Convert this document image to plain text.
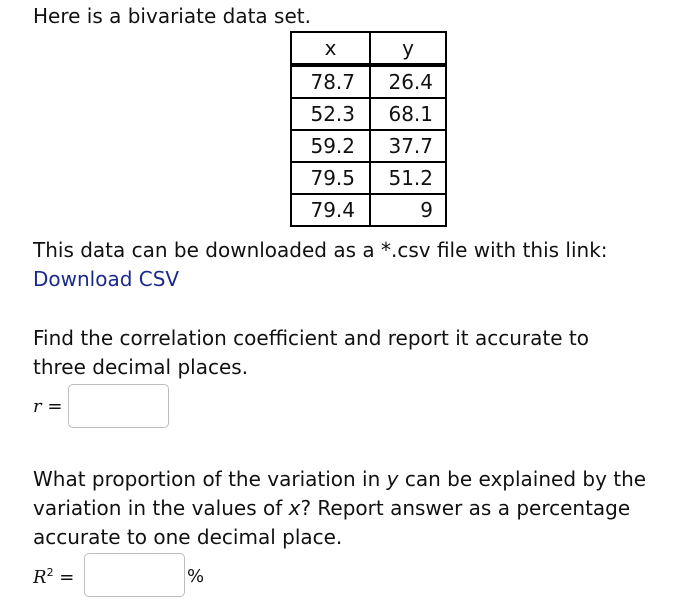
Here is a bivariate data set.
x	y
78.7	26.4
52.3	68.1
59.2	37.7
79.5	51.2
79.4	9
This data can be downloaded as a *.csv file with this link:
Download CSV
Find the correlation coefficient and report it accurate to
three decimal places.
r =
What proportion of the variation in y can be explained by the
variation in the values of x? Report answer as a percentage
accurate to one decimal place.
$R^2$ =	%
